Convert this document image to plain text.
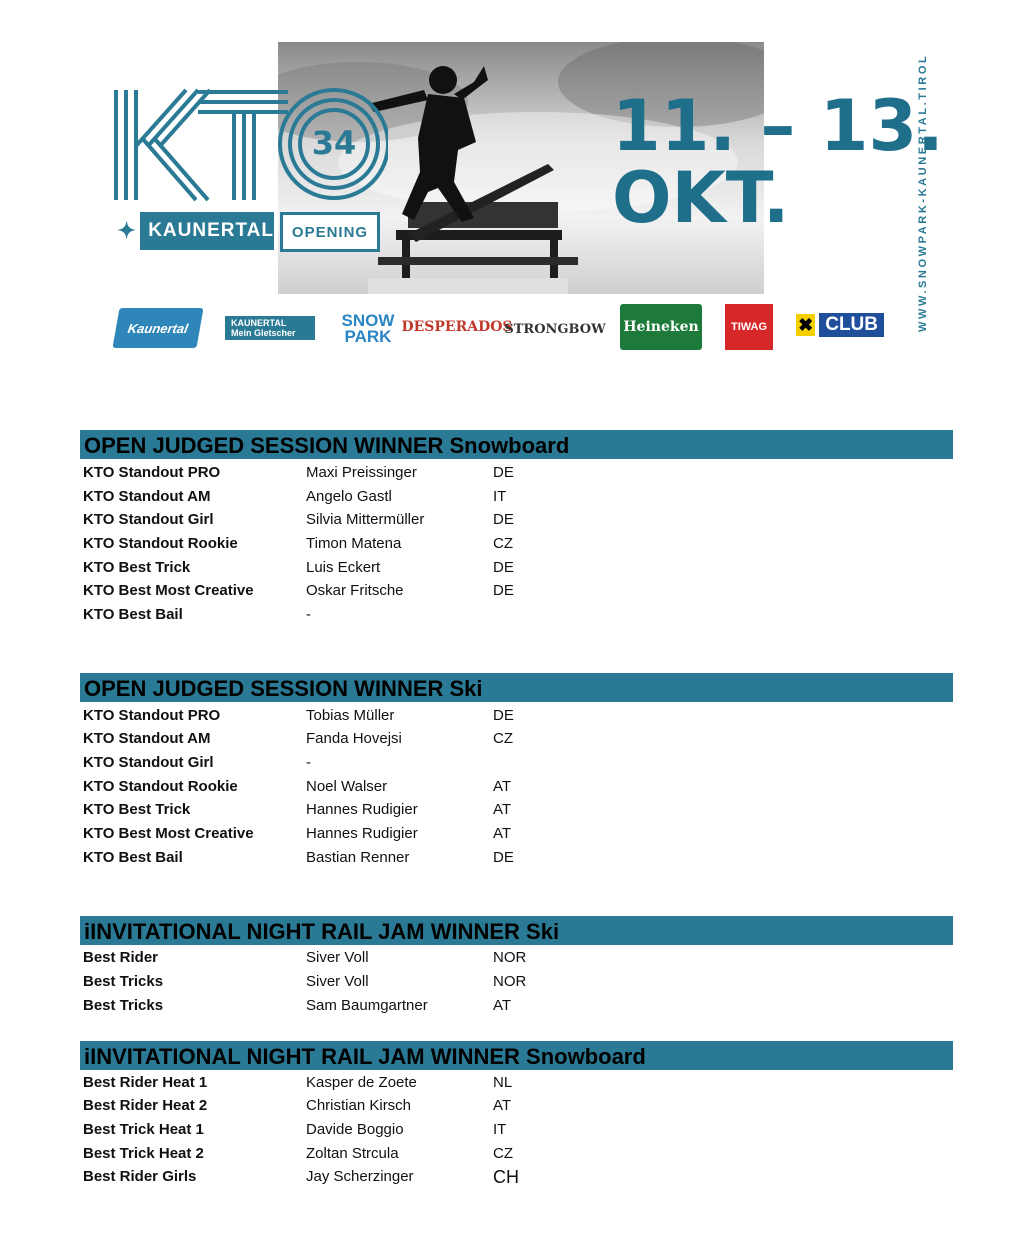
34
✦ KAUNERTAL	OPENING
11. – 13.
OKT.	WWW.SNOWPARK-KAUNERTAL.TIROL
Kaunertal	KAUNERTAL Mein Gletscher
SNOW PARK DESPERADOS
STRONGBOW Heineken	TIWAG ✖ CLUB
OPEN JUDGED SESSION WINNER Snowboard
KTO Standout PRO	Maxi Preissinger	DE
KTO Standout AM	Angelo Gastl	IT
KTO Standout Girl	Silvia Mittermüller	DE
KTO Standout Rookie	Timon Matena	CZ
KTO Best Trick	Luis Eckert	DE
KTO Best Most Creative	Oskar Fritsche	DE
KTO Best Bail	-
OPEN JUDGED SESSION WINNER Ski
KTO Standout PRO	Tobias Müller	DE
KTO Standout AM	Fanda Hovejsi	CZ
KTO Standout Girl	-
KTO Standout Rookie	Noel Walser	AT
KTO Best Trick	Hannes Rudigier	AT
KTO Best Most Creative	Hannes Rudigier	AT
KTO Best Bail	Bastian Renner	DE
iINVITATIONAL NIGHT RAIL JAM WINNER Ski
Best Rider	Siver Voll	NOR
Best Tricks	Siver Voll	NOR
Best Tricks	Sam Baumgartner	AT
iINVITATIONAL NIGHT RAIL JAM WINNER Snowboard
Best Rider Heat 1	Kasper de Zoete	NL
Best Rider Heat 2	Christian Kirsch	AT
Best Trick Heat 1	Davide Boggio	IT
Best Trick Heat 2	Zoltan Strcula	CZ
Best Rider Girls	Jay Scherzinger	CH
